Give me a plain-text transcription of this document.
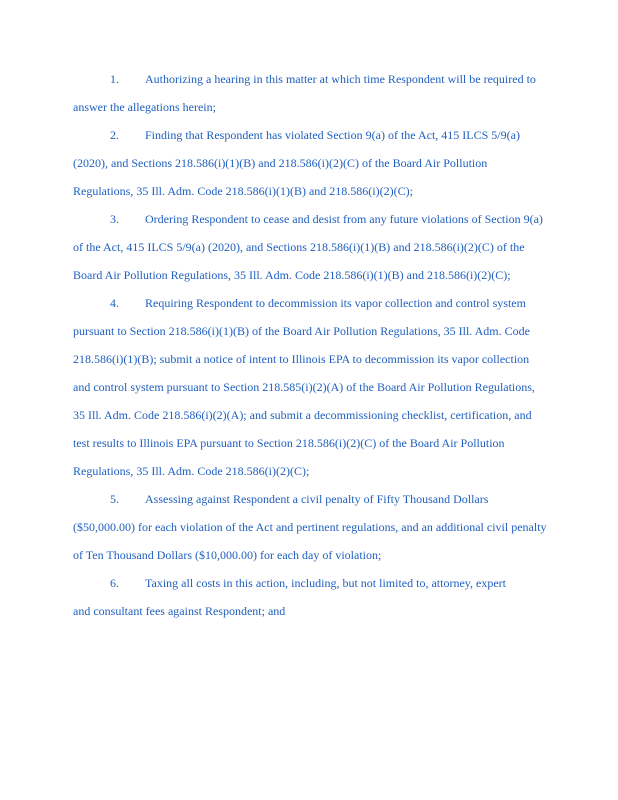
1. Authorizing a hearing in this matter at which time Respondent will be required to
answer the allegations herein;
2. Finding that Respondent has violated Section 9(a) of the Act, 415 ILCS 5/9(a)
(2020), and Sections 218.586(i)(1)(B) and 218.586(i)(2)(C) of the Board Air Pollution
Regulations, 35 Ill. Adm. Code 218.586(i)(1)(B) and 218.586(i)(2)(C);
3. Ordering Respondent to cease and desist from any future violations of Section 9(a)
of the Act, 415 ILCS 5/9(a) (2020), and Sections 218.586(i)(1)(B) and 218.586(i)(2)(C) of the
Board Air Pollution Regulations, 35 Ill. Adm. Code 218.586(i)(1)(B) and 218.586(i)(2)(C);
4. Requiring Respondent to decommission its vapor collection and control system
pursuant to Section 218.586(i)(1)(B) of the Board Air Pollution Regulations, 35 Ill. Adm. Code
218.586(i)(1)(B); submit a notice of intent to Illinois EPA to decommission its vapor collection
and control system pursuant to Section 218.585(i)(2)(A) of the Board Air Pollution Regulations,
35 Ill. Adm. Code 218.586(i)(2)(A); and submit a decommissioning checklist, certification, and
test results to Illinois EPA pursuant to Section 218.586(i)(2)(C) of the Board Air Pollution
Regulations, 35 Ill. Adm. Code 218.586(i)(2)(C);
5. Assessing against Respondent a civil penalty of Fifty Thousand Dollars
($50,000.00) for each violation of the Act and pertinent regulations, and an additional civil penalty
of Ten Thousand Dollars ($10,000.00) for each day of violation;
6. Taxing all costs in this action, including, but not limited to, attorney, expert
and consultant fees against Respondent; and
